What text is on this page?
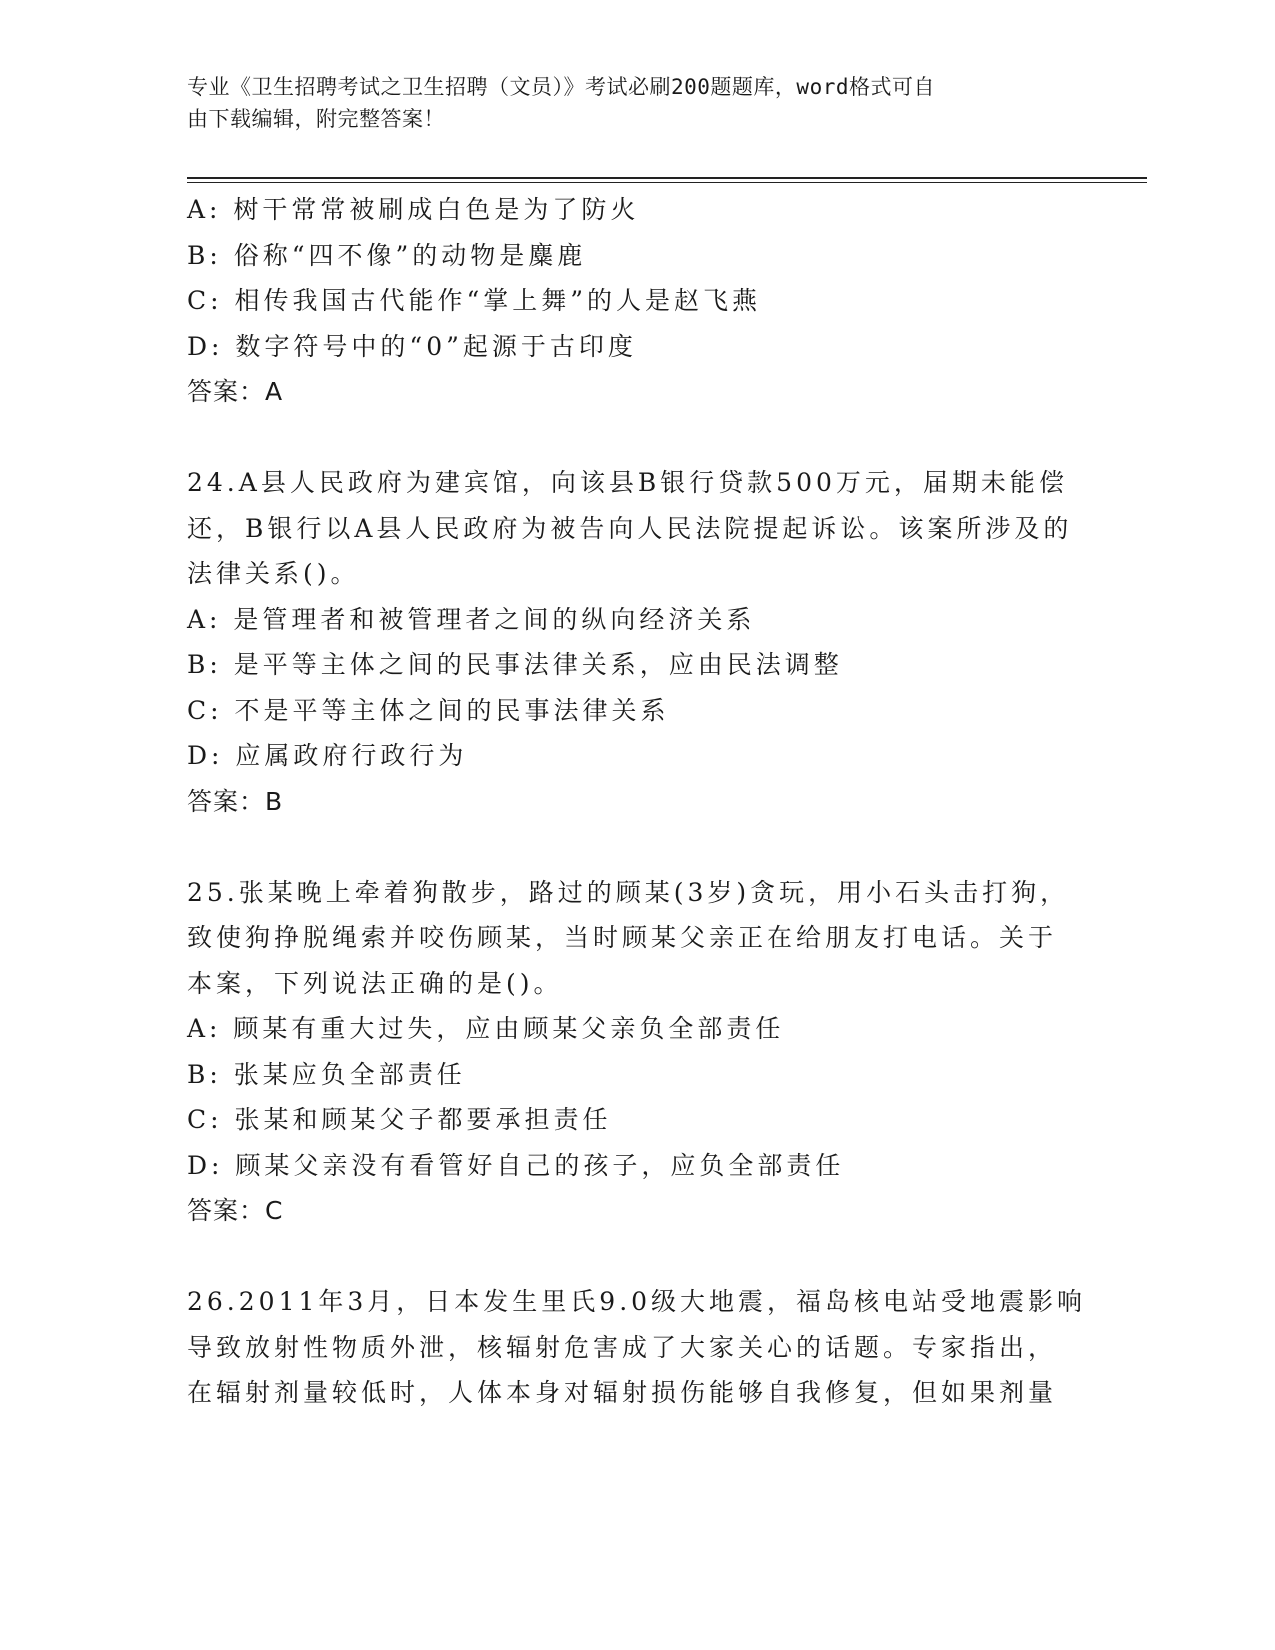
专业《卫生招聘考试之卫生招聘（文员）》考试必刷200题题库，word格式可自
由下载编辑，附完整答案！
A: 树干常常被刷成白色是为了防火
B: 俗称“四不像”的动物是麋鹿
C: 相传我国古代能作“掌上舞”的人是赵飞燕
D: 数字符号中的“0”起源于古印度
答案：A
24.A县人民政府为建宾馆，向该县B银行贷款500万元，届期未能偿
还，B银行以A县人民政府为被告向人民法院提起诉讼。该案所涉及的
法律关系()。
A: 是管理者和被管理者之间的纵向经济关系
B: 是平等主体之间的民事法律关系，应由民法调整
C: 不是平等主体之间的民事法律关系
D: 应属政府行政行为
答案：B
25.张某晚上牵着狗散步，路过的顾某(3岁)贪玩，用小石头击打狗，
致使狗挣脱绳索并咬伤顾某，当时顾某父亲正在给朋友打电话。关于
本案，下列说法正确的是()。
A: 顾某有重大过失，应由顾某父亲负全部责任
B: 张某应负全部责任
C: 张某和顾某父子都要承担责任
D: 顾某父亲没有看管好自己的孩子，应负全部责任
答案：C
26.2011年3月，日本发生里氏9.0级大地震，福岛核电站受地震影响
导致放射性物质外泄，核辐射危害成了大家关心的话题。专家指出，
在辐射剂量较低时，人体本身对辐射损伤能够自我修复，但如果剂量
